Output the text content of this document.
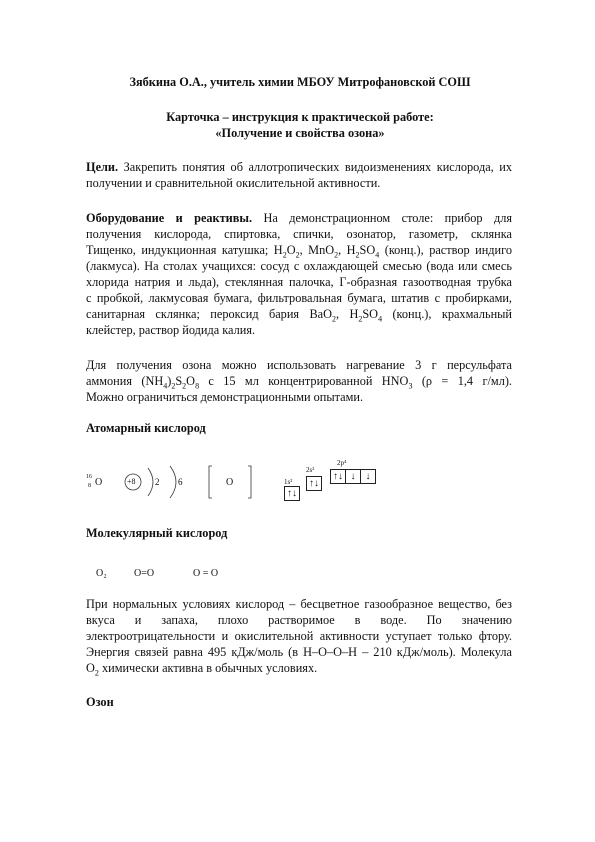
Зябкина О.А., учитель химии МБОУ Митрофановской СОШ
Карточка – инструкция к практической работе:
«Получение и свойства озона»
Цели. Закрепить понятия об аллотропических видоизменениях кислорода, их
получении и сравнительной окислительной активности.
Оборудование и реактивы. На демонстрационном столе: прибор для
получения кислорода, спиртовка, спички, озонатор, газометр, склянка
Тищенко, индукционная катушка; $H_2O_2$, MnO$_2$, $H_2SO_4$ (конц.), раствор индиго
(лакмуса). На столах учащихся: сосуд с охлаждающей смесью (вода или смесь
хлорида натрия и льда), стеклянная палочка, Г-образная газоотводная трубка
с пробкой, лакмусовая бумага, фильтровальная бумага, штатив с пробирками,
санитарная склянка; пероксид бария BaO$_2$, $H_2SO_4$ (конц.), крахмальный
клейстер, раствор йодида калия.
Для получения озона можно использовать нагревание 3 г персульфата
аммония $(NH_4)_2S_2O_8$ с 15 мл концентрированной $HNO_3$ (ρ = 1,4 г/мл).
Можно ограничиться демонстрационными опытами.
Атомарный кислород
16
8 O	+8 2 6	O
2p⁴
2s²
1s²	↑↓ ↓	↓
↑↓
↑↓
Молекулярный кислород
O₂	O=O	O = O
При нормальных условиях кислород – бесцветное газообразное вещество, без
вкуса и запаха, плохо растворимое в воде. По значению
электроотрицательности и окислительной активности уступает только фтору.
Энергия связей равна 495 кДж/моль (в H–O–O–H – 210 кДж/моль). Молекула
$O_2$ химически активна в обычных условиях.
Озон
